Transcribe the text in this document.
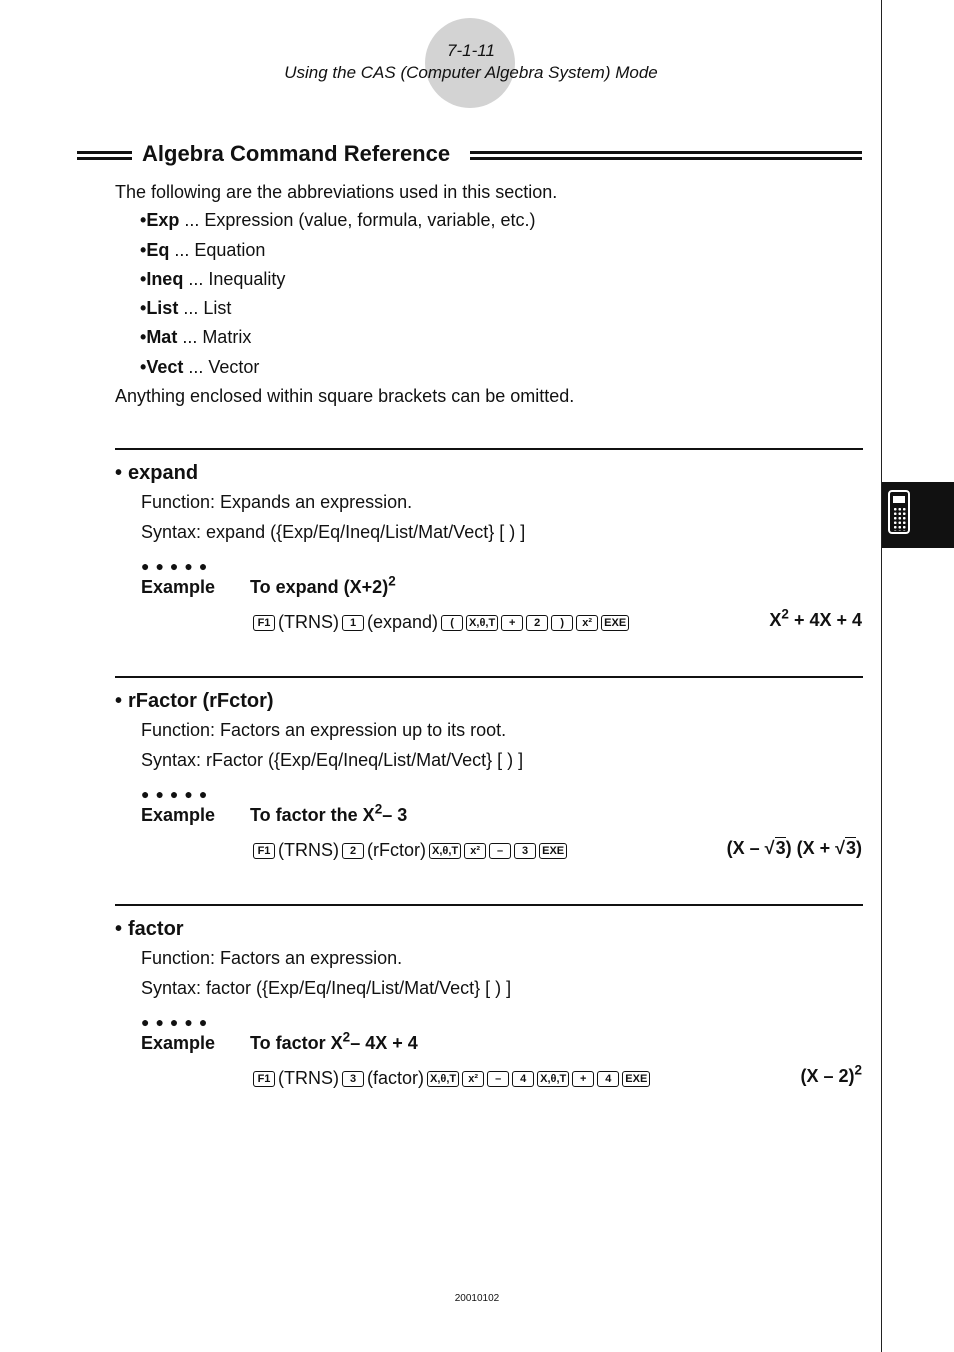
7-1-11
Using the CAS (Computer Algebra System) Mode
Algebra Command Reference
The following are the abbreviations used in this section.
•Exp ... Expression (value, formula, variable, etc.)
•Eq ... Equation
•Ineq ... Inequality
•List ... List
•Mat ... Matrix
•Vect ... Vector
Anything enclosed within square brackets can be omitted.
• expand
Function: Expands an expression.
Syntax: expand ({Exp/Eq/Ineq/List/Mat/Vect} [ ) ]
●●●●●
Example To expand $(X+2)^2$
F1 (TRNS) 1 (expand) ( X,θ,T + 2 ) x² EXE	$X^2 + 4X + 4$
• rFactor (rFctor)
Function: Factors an expression up to its root.
Syntax: rFactor ({Exp/Eq/Ineq/List/Mat/Vect} [ ) ]
●●●●●
Example To factor the $X^2-$ 3
F1 (TRNS) 2 (rFctor) X,θ,T x² – 3 EXE	(X – √3) (X + √3)
• factor
Function: Factors an expression.
Syntax: factor ({Exp/Eq/Ineq/List/Mat/Vect} [ ) ]
●●●●●
Example To factor $X^2-$ 4X + 4
F1 (TRNS) 3 (factor) X,θ,T x² – 4 X,θ,T + 4 EXE	(X – 2)$^2$
20010102
